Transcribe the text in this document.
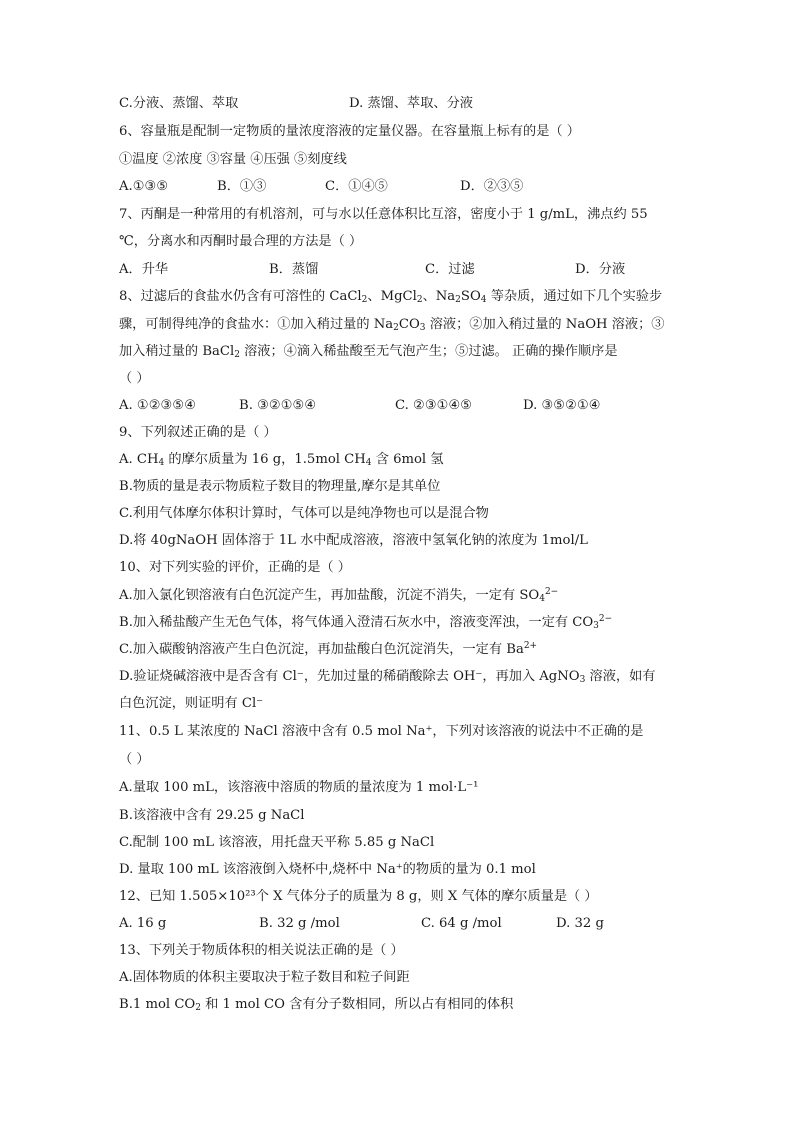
C.分液、蒸馏、萃取	D. 蒸馏、萃取、分液
6、容量瓶是配制一定物质的量浓度溶液的定量仪器。在容量瓶上标有的是（ ）
①温度 ②浓度 ③容量 ④压强 ⑤刻度线
A.①③⑤	B．①③	C．①④⑤	D．②③⑤
7、丙酮是一种常用的有机溶剂，可与水以任意体积比互溶，密度小于 1 g/mL，沸点约 55
℃，分离水和丙酮时最合理的方法是（ ）
A．升华	B．蒸馏	C．过滤	D．分液
8、过滤后的食盐水仍含有可溶性的 CaCl$_2$、MgCl$_2$、$Na_2SO_4$ 等杂质，通过如下几个实验步
骤，可制得纯净的食盐水：①加入稍过量的 $Na_2CO_3$ 溶液；②加入稍过量的 NaOH 溶液；③
加入稍过量的 BaCl$_2$ 溶液；④滴入稀盐酸至无气泡产生；⑤过滤。 正确的操作顺序是
（ ）
A. ①②③⑤④	B. ③②①⑤④	C. ②③①④⑤	D. ③⑤②①④
9、下列叙述正确的是（ ）
A. $CH_4$ 的摩尔质量为 16 g，1.5mol $CH_4$ 含 6mol 氢
B.物质的量是表示物质粒子数目的物理量,摩尔是其单位
C.利用气体摩尔体积计算时，气体可以是纯净物也可以是混合物
D.将 40gNaOH 固体溶于 1L 水中配成溶液，溶液中氢氧化钠的浓度为 1mol/L
10、对下列实验的评价，正确的是（ ）
A.加入氯化钡溶液有白色沉淀产生，再加盐酸，沉淀不消失，一定有 $SO_4^{2-}$
B.加入稀盐酸产生无色气体，将气体通入澄清石灰水中，溶液变浑浊，一定有 $CO_3^{2-}$
C.加入碳酸钠溶液产生白色沉淀，再加盐酸白色沉淀消失，一定有 $Ba^{2+}$
D.验证烧碱溶液中是否含有 Cl⁻，先加过量的稀硝酸除去 OH⁻，再加入 AgNO$_3$ 溶液，如有
白色沉淀，则证明有 Cl⁻
11、0.5 L 某浓度的 NaCl 溶液中含有 0.5 mol Na⁺，下列对该溶液的说法中不正确的是
（ ）
A.量取 100 mL，该溶液中溶质的物质的量浓度为 1 mol·L⁻¹
B.该溶液中含有 29.25 g NaCl
C.配制 100 mL 该溶液，用托盘天平称 5.85 g NaCl
D. 量取 100 mL 该溶液倒入烧杯中,烧杯中 Na⁺的物质的量为 0.1 mol
12、已知 1.505×10²³个 X 气体分子的质量为 8 g，则 X 气体的摩尔质量是（ ）
A. 16 g	B. 32 g /mol	C. 64 g /mol	D. 32 g
13、下列关于物质体积的相关说法正确的是（ ）
A.固体物质的体积主要取决于粒子数目和粒子间距
B.1 mol $CO_2$ 和 1 mol CO 含有分子数相同，所以占有相同的体积
